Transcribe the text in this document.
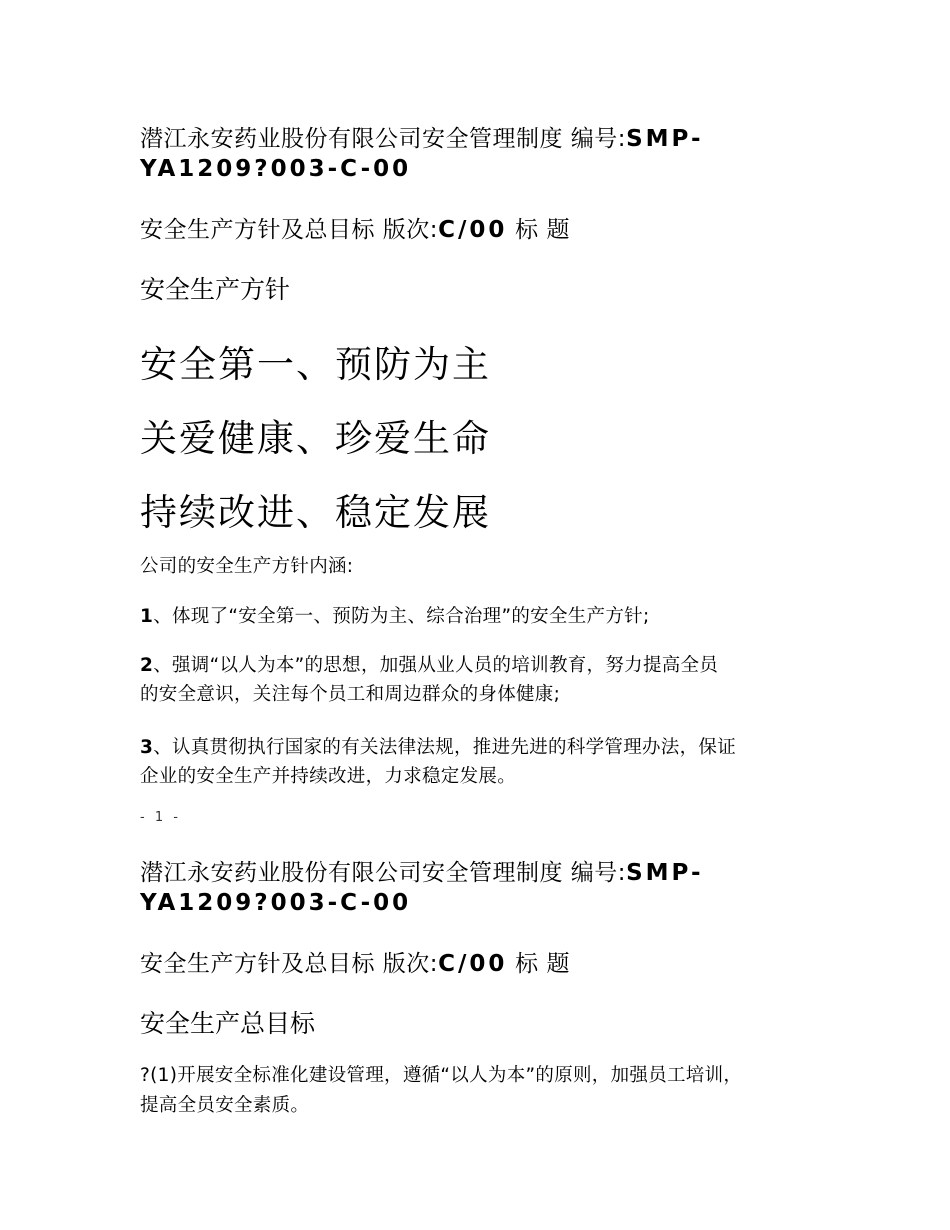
潜江永安药业股份有限公司安全管理制度 编号:SMP-

YA1209?003-C-00

安全生产方针及总目标 版次:C/00 标 题

安全生产方针

安全第一、预防为主

关爱健康、珍爱生命

持续改进、稳定发展

公司的安全生产方针内涵:

1、体现了“安全第一、预防为主、综合治理”的安全生产方针;

2、强调“以人为本”的思想，加强从业人员的培训教育，努力提高全员

的安全意识，关注每个员工和周边群众的身体健康;

3、认真贯彻执行国家的有关法律法规，推进先进的科学管理办法，保证

企业的安全生产并持续改进，力求稳定发展。

- 1 -

潜江永安药业股份有限公司安全管理制度 编号:SMP-

YA1209?003-C-00

安全生产方针及总目标 版次:C/00 标 题

安全生产总目标

?(1)开展安全标准化建设管理，遵循“以人为本”的原则，加强员工培训，

提高全员安全素质。
